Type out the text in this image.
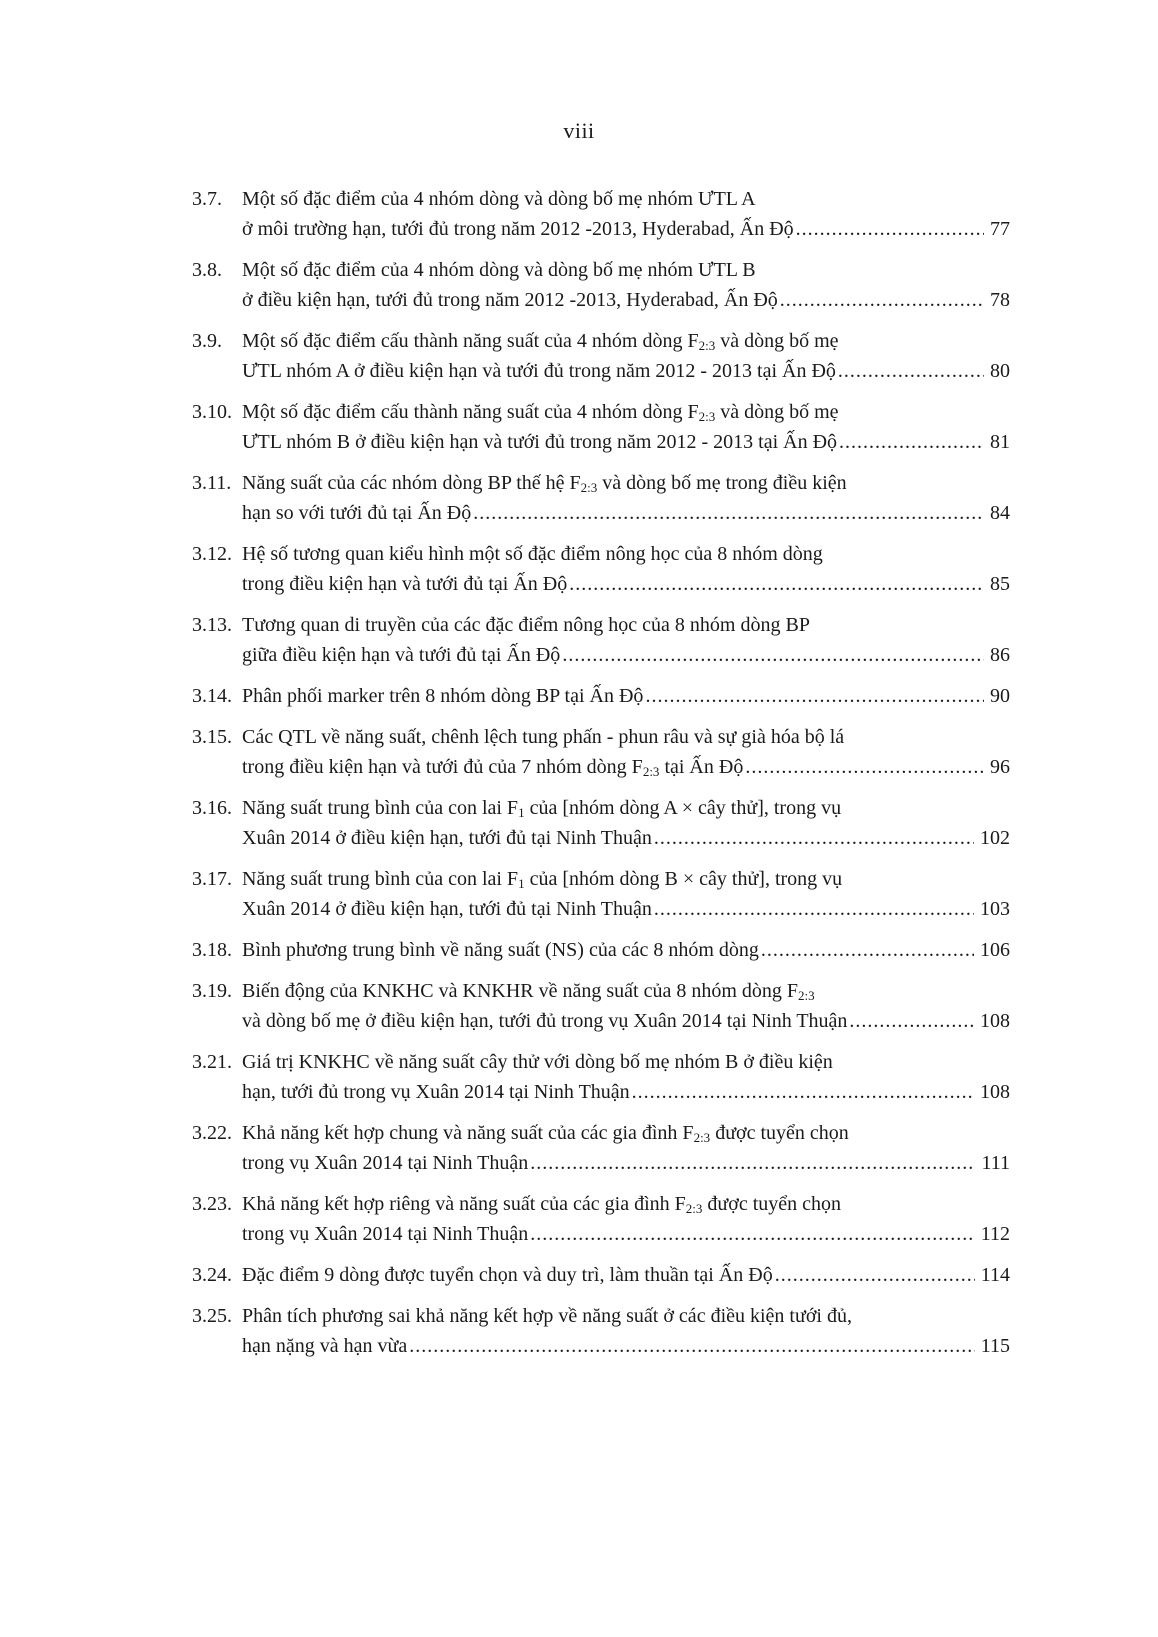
viii
3.7.	Một số đặc điểm của 4 nhóm dòng và dòng bố mẹ nhóm ƯTL A
ở môi trường hạn, tưới đủ trong năm 2012 -2013, Hyderabad, Ấn Độ .....	77
3.8.	Một số đặc điểm của 4 nhóm dòng và dòng bố mẹ nhóm ƯTL B
ở điều kiện hạn, tưới đủ trong năm 2012 -2013, Hyderabad, Ấn Độ .....	78
3.9.	Một số đặc điểm cấu thành năng suất của 4 nhóm dòng $F_{2:3}$ và dòng bố mẹ
ƯTL nhóm A ở điều kiện hạn và tưới đủ trong năm 2012 - 2013 tại Ấn Độ .....	80
3.10. Một số đặc điểm cấu thành năng suất của 4 nhóm dòng $F_{2:3}$ và dòng bố mẹ
ƯTL nhóm B ở điều kiện hạn và tưới đủ trong năm 2012 - 2013 tại Ấn Độ .....	81
3.11. Năng suất của các nhóm dòng BP thế hệ $F_{2:3}$ và dòng bố mẹ trong điều kiện
hạn so với tưới đủ tại Ấn Độ .....	84
3.12. Hệ số tương quan kiểu hình một số đặc điểm nông học của 8 nhóm dòng
trong điều kiện hạn và tưới đủ tại Ấn Độ .....	85
3.13. Tương quan di truyền của các đặc điểm nông học của 8 nhóm dòng BP
giữa điều kiện hạn và tưới đủ tại Ấn Độ .....	86
3.14. Phân phối marker trên 8 nhóm dòng BP tại Ấn Độ .....	90
3.15. Các QTL về năng suất, chênh lệch tung phấn - phun râu và sự già hóa bộ lá
trong điều kiện hạn và tưới đủ của 7 nhóm dòng $F_{2:3}$ tại Ấn Độ .....	96
3.16. Năng suất trung bình của con lai $F_1$ của [nhóm dòng A × cây thử], trong vụ
Xuân 2014 ở điều kiện hạn, tưới đủ tại Ninh Thuận .....	102
3.17. Năng suất trung bình của con lai $F_1$ của [nhóm dòng B × cây thử], trong vụ
Xuân 2014 ở điều kiện hạn, tưới đủ tại Ninh Thuận .....	103
3.18. Bình phương trung bình về năng suất (NS) của các 8 nhóm dòng .....	106
3.19. Biến động của KNKHC và KNKHR về năng suất của 8 nhóm dòng $F_{2:3}$
và dòng bố mẹ ở điều kiện hạn, tưới đủ trong vụ Xuân 2014 tại Ninh Thuận .....	108
3.21. Giá trị KNKHC về năng suất cây thử với dòng bố mẹ nhóm B ở điều kiện
hạn, tưới đủ trong vụ Xuân 2014 tại Ninh Thuận .....	108
3.22. Khả năng kết hợp chung và năng suất của các gia đình $F_{2:3}$ được tuyển chọn
trong vụ Xuân 2014 tại Ninh Thuận .....	111
3.23. Khả năng kết hợp riêng và năng suất của các gia đình $F_{2:3}$ được tuyển chọn
trong vụ Xuân 2014 tại Ninh Thuận .....	112
3.24. Đặc điểm 9 dòng được tuyển chọn và duy trì, làm thuần tại Ấn Độ .....	114
3.25. Phân tích phương sai khả năng kết hợp về năng suất ở các điều kiện tưới đủ,
hạn nặng và hạn vừa .....	115
